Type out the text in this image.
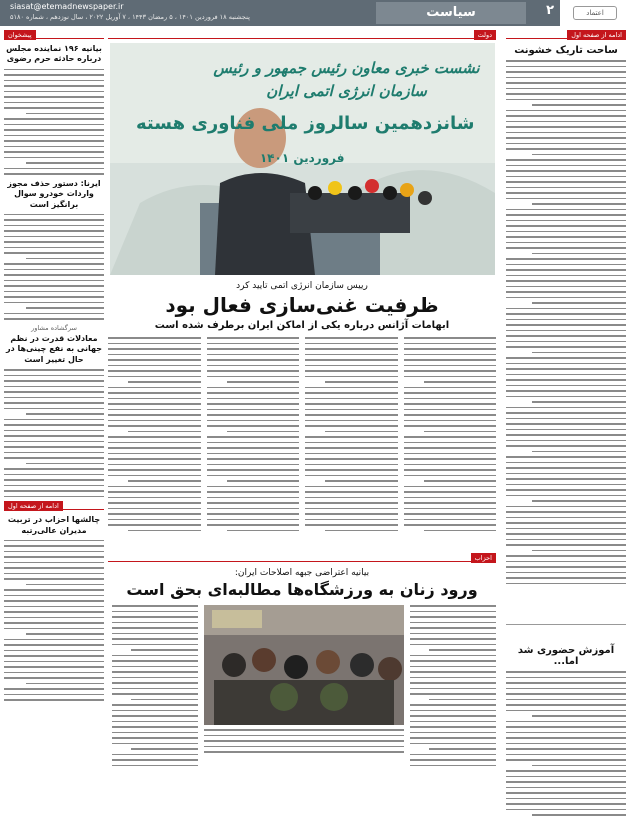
اعتماد
۲
سیاست
siasat@etemadnewspaper.ir
پنجشنبه ۱۸ فروردین ۱۴۰۱ ، ۵ رمضان ۱۴۴۳ ، ۷ آوریل ۲۰۲۲ ، سال نوزدهم ، شماره ۵۱۸۰
ادامه از صفحه اول
ساحت تاریک خشونت
آموزش حضوری شد اما...
دولت
نشست خبری معاون رئیس جمهور و رئیس سازمان انرژی اتمی ایران
شانزدهمین سالروز ملی فناوری هسته
فروردین ۱۴۰۱
رییس سازمان انرژی اتمی تایید کرد
ظرفیت غنی‌سازی فعال بود
ابهامات آژانس درباره یکی از اماکن ایران برطرف شده است
احزاب
بیانیه اعتراضی جبهه اصلاحات ایران:
ورود زنان به ورزشگاه‌ها مطالبه‌ای بحق است
پیشخوان
بیانیه ۱۹۶ نماینده مجلس درباره حادثه حرم رضوی
ایرنا: دستور حذف مجوز واردات خودرو سوال برانگیز است
سرگشاده مشاور
معادلات قدرت در نظم جهانی به نفع چینی‌ها در حال تغییر است
ادامه از صفحه اول
چالشها احزاب در تربیت مدیران عالی‌رتبه
